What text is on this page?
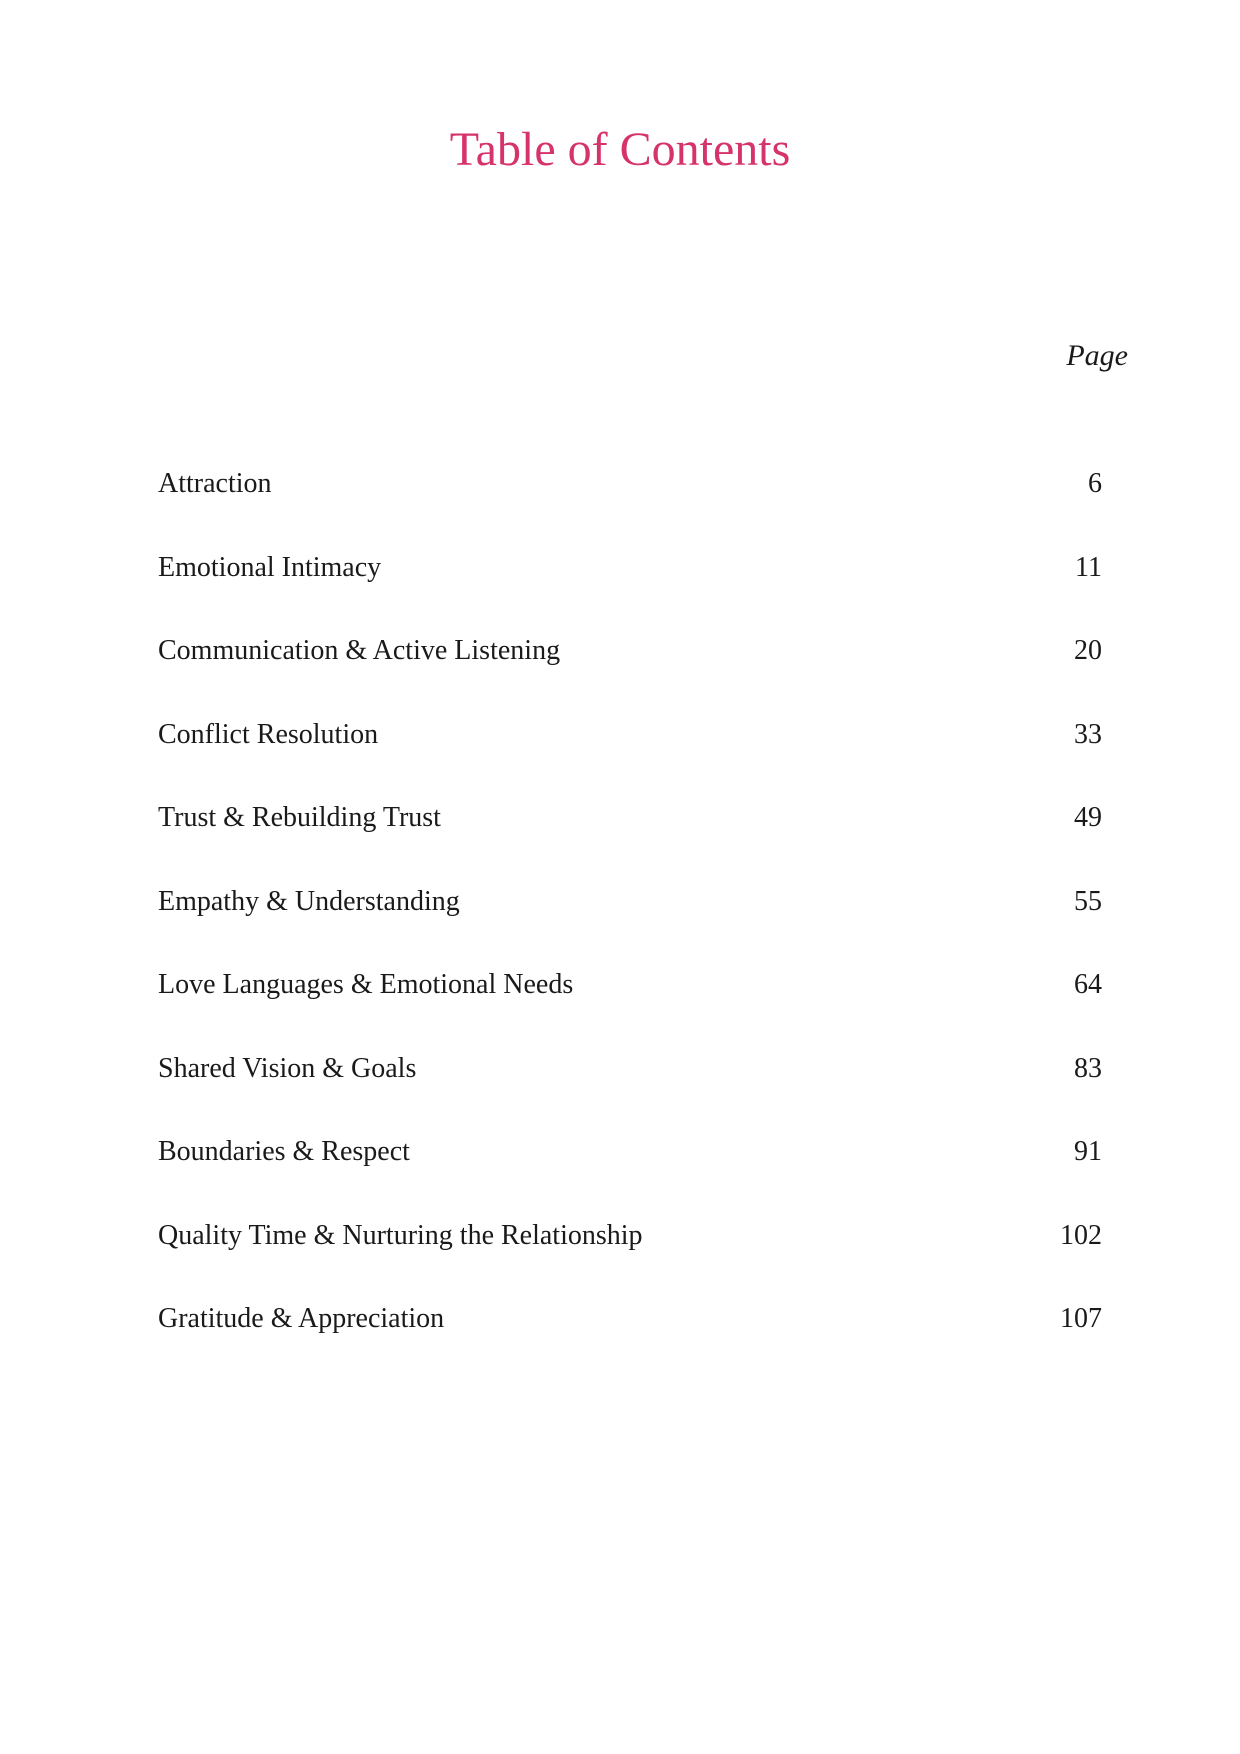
Table of Contents
Page
Attraction	6
Emotional Intimacy	11
Communication & Active Listening	20
Conflict Resolution	33
Trust & Rebuilding Trust	49
Empathy & Understanding	55
Love Languages & Emotional Needs	64
Shared Vision & Goals	83
Boundaries & Respect	91
Quality Time & Nurturing the Relationship	102
Gratitude & Appreciation	107
